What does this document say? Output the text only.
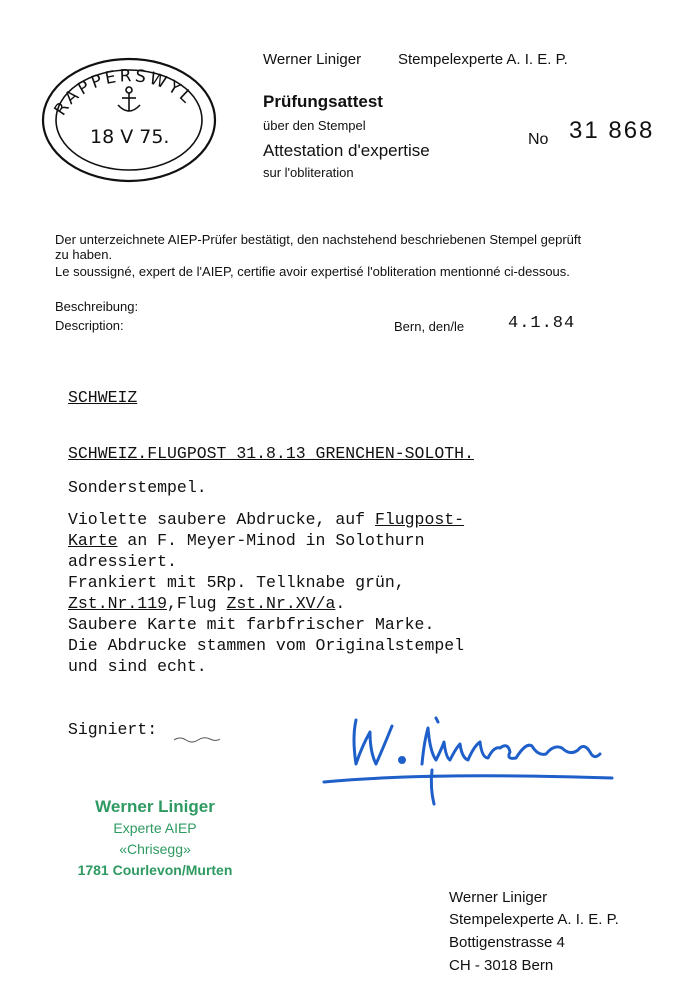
RAPPERSWYL
18 V 75.
Werner Liniger Stempelexperte A. I. E. P.
Prüfungsattest
über den Stempel
Attestation d'expertise
sur l'obliteration
No 31 868
Der unterzeichnete AIEP-Prüfer bestätigt, den nachstehend beschriebenen Stempel geprüft
zu haben.
Le soussigné, expert de l'AIEP, certifie avoir expertisé l'obliteration mentionné ci-dessous.
Beschreibung:
Description:	Bern, den/le	4.1.84
SCHWEIZ
SCHWEIZ.FLUGPOST 31.8.13 GRENCHEN-SOLOTH.
Sonderstempel.
Violette saubere Abdrucke, auf Flugpost-
Karte an F. Meyer-Minod in Solothurn
adressiert.
Frankiert mit 5Rp. Tellknabe grün,
Zst.Nr.119,Flug Zst.Nr.XV/a.
Saubere Karte mit farbfrischer Marke.
Die Abdrucke stammen vom Originalstempel
und sind echt.
Signiert:
Werner Liniger
Experte AIEP
«Chrisegg»
1781 Courlevon/Murten
Werner Liniger
Stempelexperte A. I. E. P.
Bottigenstrasse 4
CH - 3018 Bern
